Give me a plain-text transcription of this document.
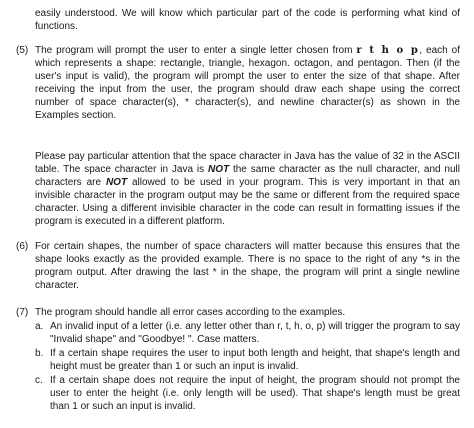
easily understood. We will know which particular part of the code is performing what kind of functions.
(5) The program will prompt the user to enter a single letter chosen from r t h o p, each of which represents a shape: rectangle, triangle, hexagon. octagon, and pentagon. Then (if the user's input is valid), the program will prompt the user to enter the size of that shape. After receiving the input from the user, the program should draw each shape using the correct number of space character(s), * character(s), and newline character(s) as shown in the Examples section.
Please pay particular attention that the space character in Java has the value of 32 in the ASCII table. The space character in Java is NOT the same character as the null character, and null characters are NOT allowed to be used in your program. This is very important in that an invisible character in the program output may be the same or different from the required space character. Using a different invisible character in the code can result in formatting issues if the program is executed in a different platform.
(6) For certain shapes, the number of space characters will matter because this ensures that the shape looks exactly as the provided example. There is no space to the right of any *s in the program output. After drawing the last * in the shape, the program will print a single newline character.
(7) The program should handle all error cases according to the examples.
a. An invalid input of a letter (i.e. any letter other than r, t, h, o, p) will trigger the program to say "Invalid shape" and "Goodbye! ". Case matters.
b. If a certain shape requires the user to input both length and height, that shape's length and height must be greater than 1 or such an input is invalid.
c. If a certain shape does not require the input of height, the program should not prompt the user to enter the height (i.e. only length will be used). That shape's length must be great than 1 or such an input is invalid.
